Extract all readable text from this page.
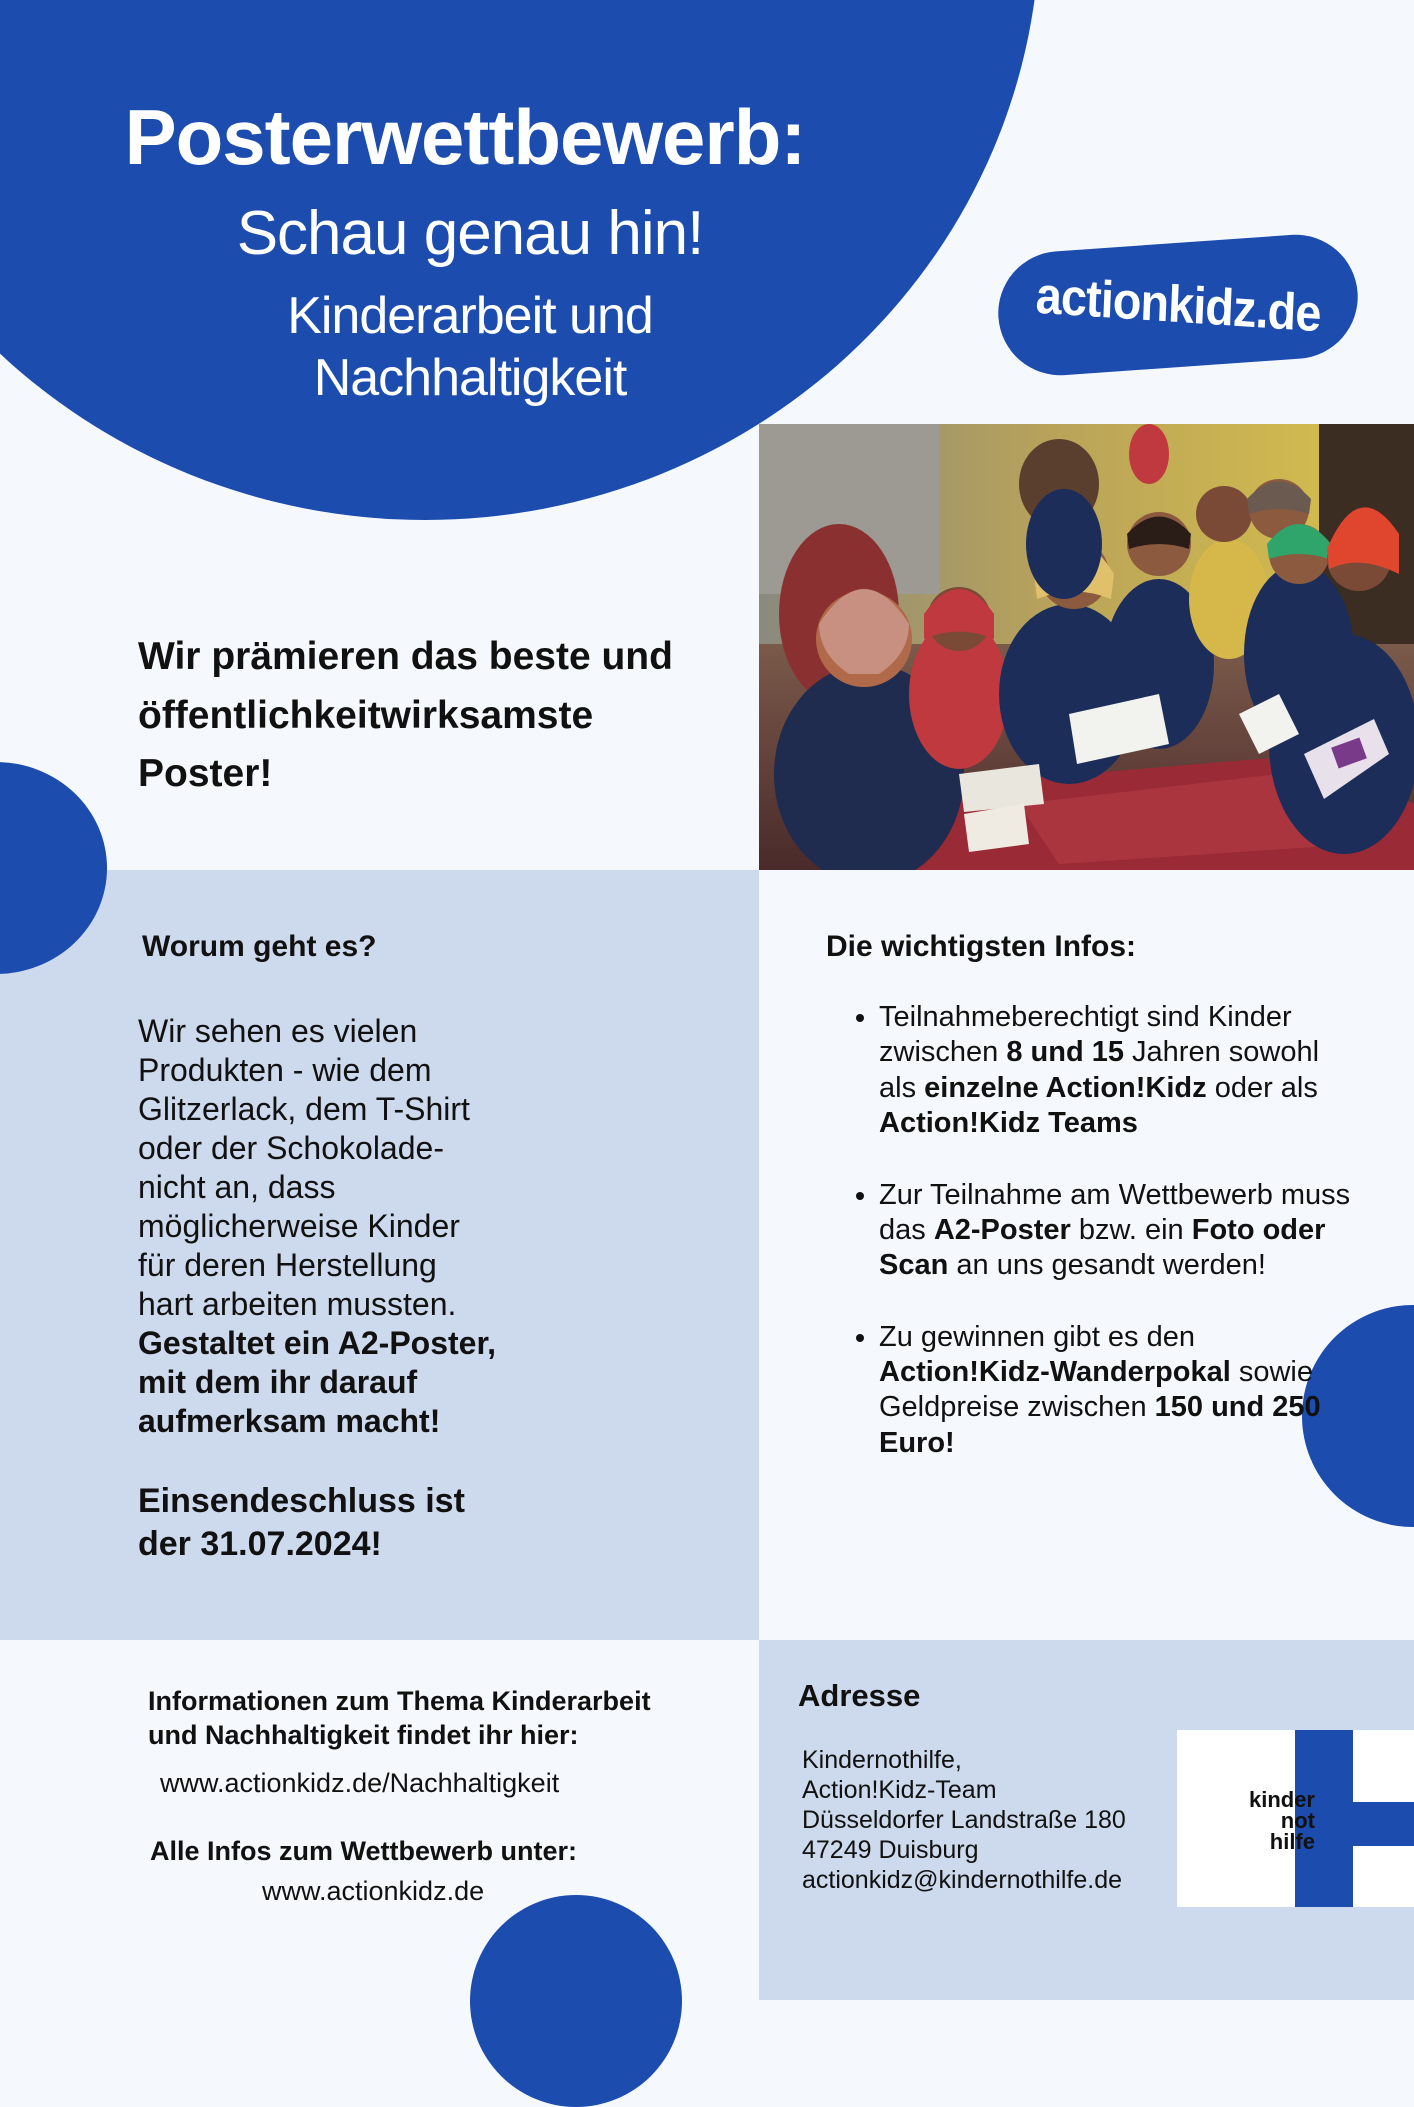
Posterwettbewerb:
Schau genau hin!
Kinderarbeit und
Nachhaltigkeit
actionkidz.de
Wir prämieren das beste und
öffentlichkeitwirksamste
Poster!
Worum geht es?
Wir sehen es vielen
Produkten - wie dem
Glitzerlack, dem T-Shirt
oder der Schokolade-
nicht an, dass
möglicherweise Kinder
für deren Herstellung
hart arbeiten mussten.
Gestaltet ein A2-Poster,
mit dem ihr darauf
aufmerksam macht!
Einsendeschluss ist
der 31.07.2024!
Die wichtigsten Infos:
• Teilnahmeberechtigt sind Kinder zwischen 8 und 15 Jahren sowohl als einzelne Action!Kidz oder als Action!Kidz Teams
• Zur Teilnahme am Wettbewerb muss das A2-Poster bzw. ein Foto oder Scan an uns gesandt werden!
• Zu gewinnen gibt es den Action!Kidz-Wanderpokal sowie Geldpreise zwischen 150 und 250 Euro!
Informationen zum Thema Kinderarbeit
und Nachhaltigkeit findet ihr hier:
www.actionkidz.de/Nachhaltigkeit
Alle Infos zum Wettbewerb unter:
www.actionkidz.de
Adresse
Kindernothilfe,
Action!Kidz-Team
Düsseldorfer Landstraße 180
47249 Duisburg
actionkidz@kindernothilfe.de
kinder
not
hilfe
